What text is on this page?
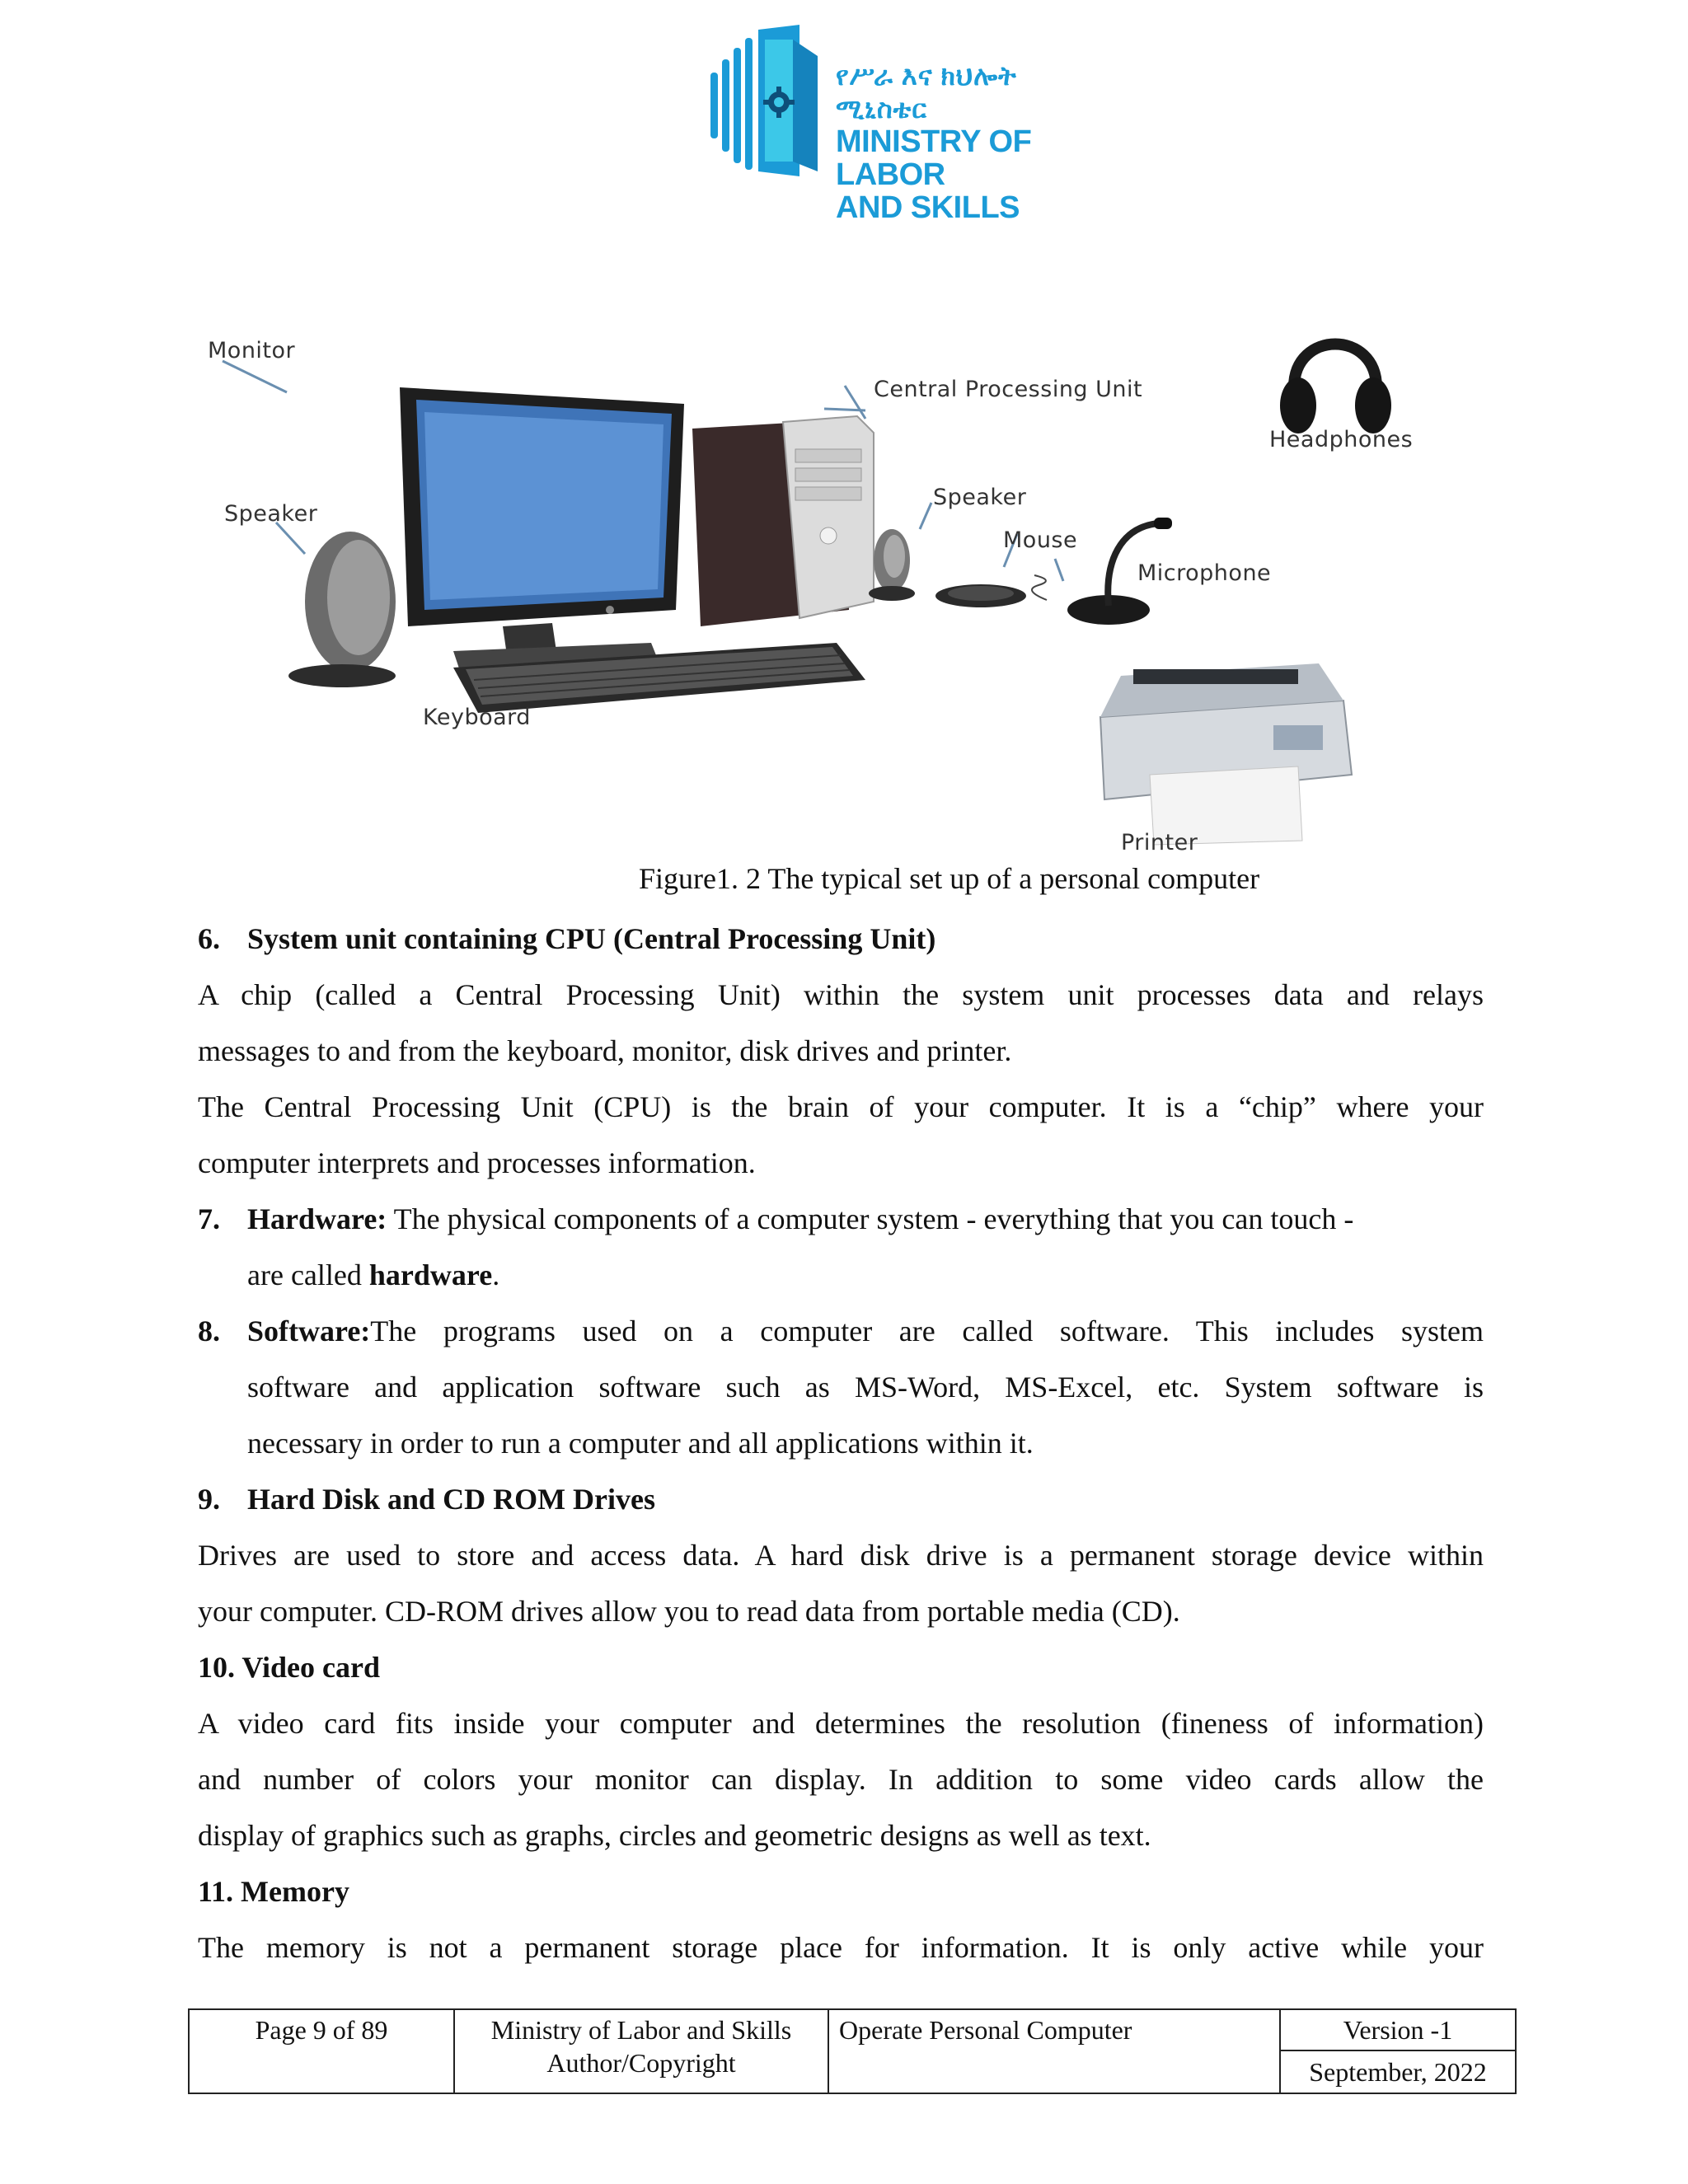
የሥራ እና ክህሎት ሚኒስቴር
MINISTRY OF LABOR
AND SKILLS
Monitor
Central Processing Unit
Headphones
Speaker
Speaker
Mouse
Microphone
Keyboard
Printer
Figure1. 2 The typical set up of a personal computer
6. System unit containing CPU (Central Processing Unit)
A chip (called a Central Processing Unit) within the system unit processes data and relays
messages to and from the keyboard, monitor, disk drives and printer.
The Central Processing Unit (CPU) is the brain of your computer. It is a “chip” where your
computer interprets and processes information.
7. Hardware: The physical components of a computer system - everything that you can touch -
are called hardware.
8. Software: The programs used on a computer are called software. This includes system
software and application software such as MS-Word, MS-Excel, etc. System software is
necessary in order to run a computer and all applications within it.
9. Hard Disk and CD ROM Drives
Drives are used to store and access data. A hard disk drive is a permanent storage device within
your computer. CD-ROM drives allow you to read data from portable media (CD).
10. Video card
A video card fits inside your computer and determines the resolution (fineness of information)
and number of colors your monitor can display. In addition to some video cards allow the
display of graphics such as graphs, circles and geometric designs as well as text.
11. Memory
The memory is not a permanent storage place for information. It is only active while your
Page 9 of 89	Ministry of Labor and Skills
Author/Copyright
Operate Personal Computer	Version -1
September, 2022
